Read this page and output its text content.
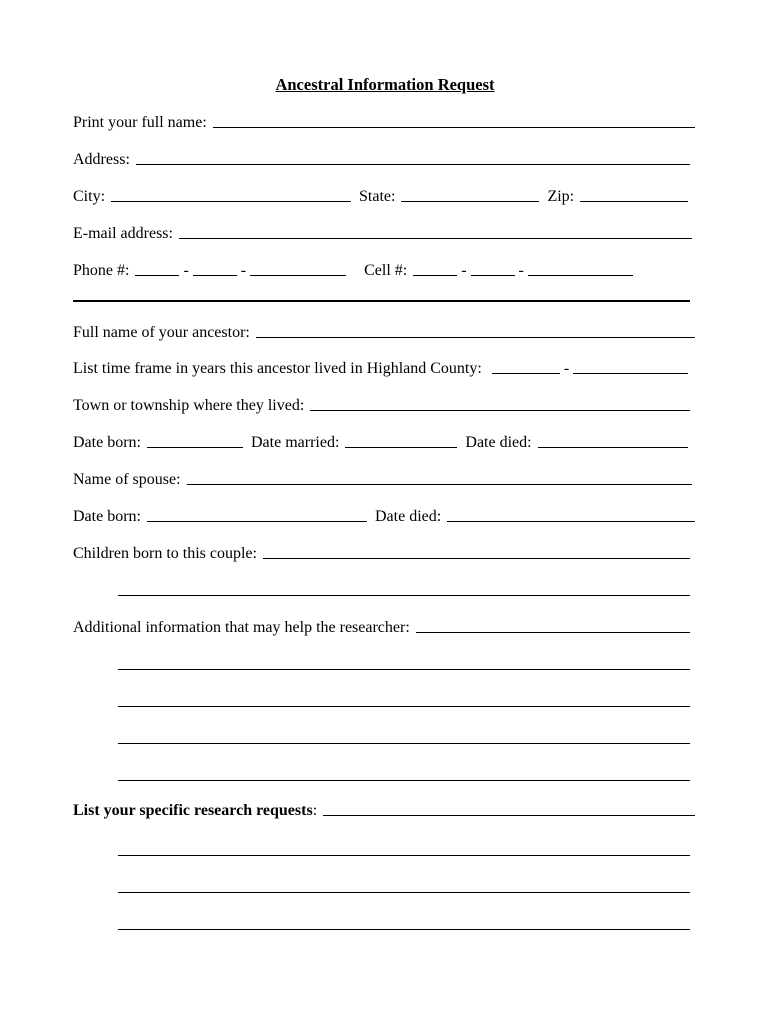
Ancestral Information Request
Print your full name:
Address:
City:	State:	Zip:
E-mail address:
Phone #:	-	-	Cell #:	-	-
Full name of your ancestor:
List time frame in years this ancestor lived in Highland County:	-
Town or township where they lived:
Date born:	Date married:	Date died:
Name of spouse:
Date born:	Date died:
Children born to this couple:
Additional information that may help the researcher:
List your specific research requests :
